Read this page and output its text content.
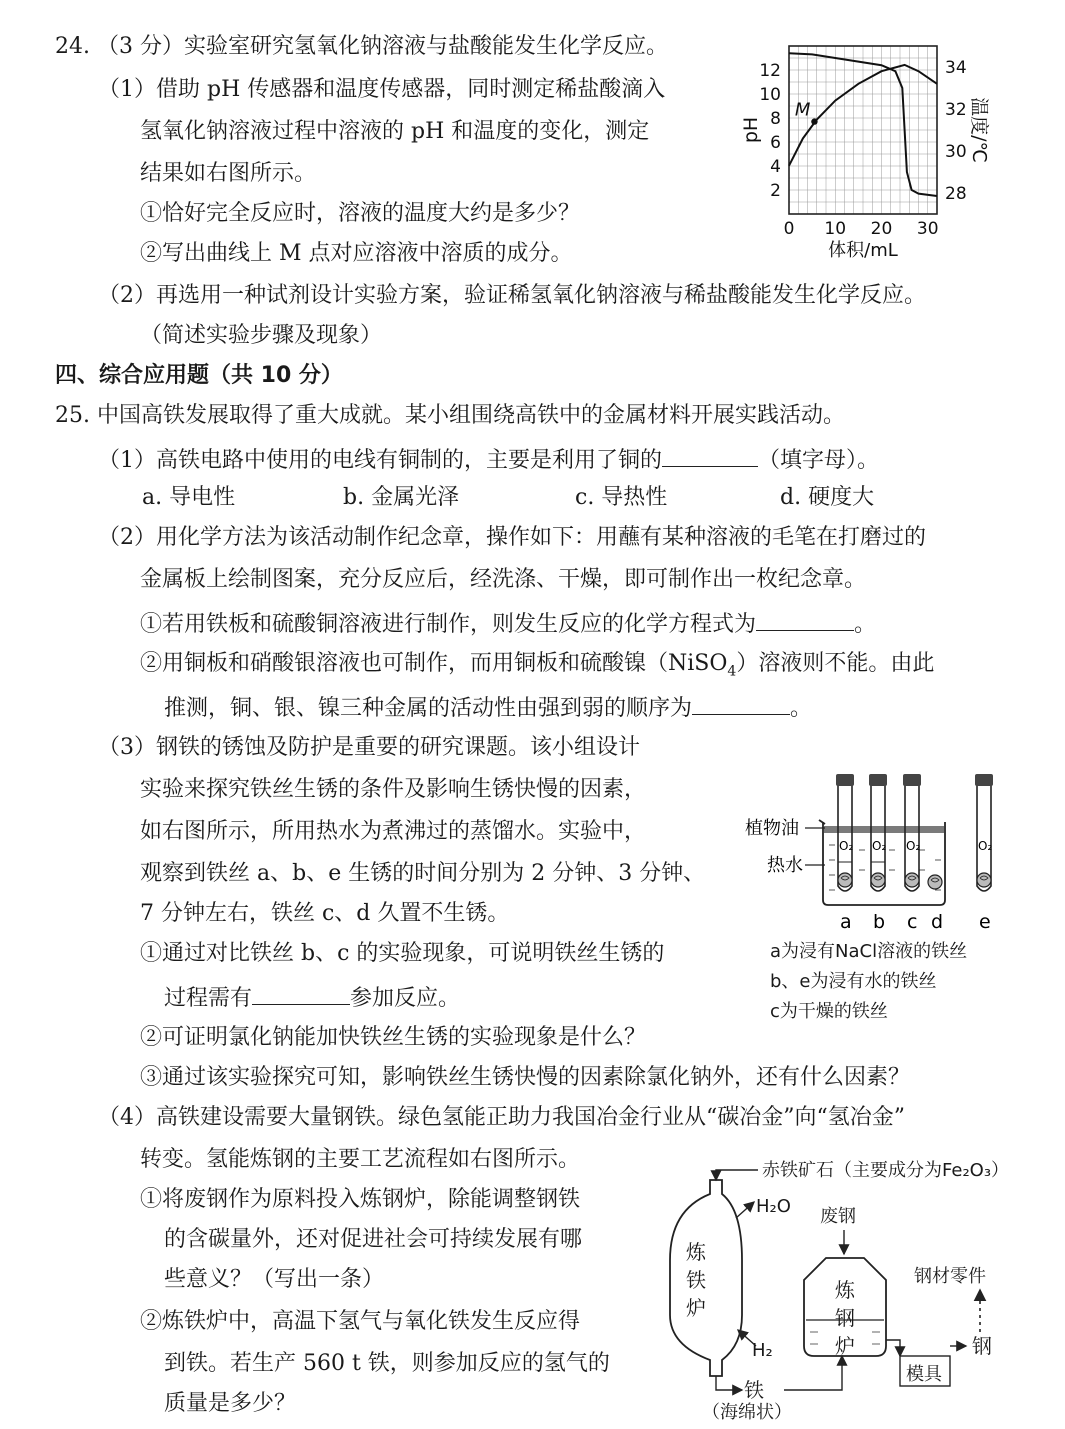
24. （3 分）实验室研究氢氧化钠溶液与盐酸能发生化学反应。
（1）借助 pH 传感器和温度传感器，同时测定稀盐酸滴入
氢氧化钠溶液过程中溶液的 pH 和温度的变化，测定
结果如右图所示。
①恰好完全反应时，溶液的温度大约是多少？
②写出曲线上 M 点对应溶液中溶质的成分。
（2）再选用一种试剂设计实验方案，验证稀氢氧化钠溶液与稀盐酸能发生化学反应。
（简述实验步骤及现象）
2
4
6
8
10
12
28
30
32
34
0 10 20 30
体积/mL
pH	温度/℃
M
四、综合应用题（共 10 分）
25. 中国高铁发展取得了重大成就。某小组围绕高铁中的金属材料开展实践活动。
（1）高铁电路中使用的电线有铜制的，主要是利用了铜的	（填字母）。
a. 导电性	b. 金属光泽	c. 导热性	d. 硬度大
（2）用化学方法为该活动制作纪念章，操作如下：用蘸有某种溶液的毛笔在打磨过的
金属板上绘制图案，充分反应后，经洗涤、干燥，即可制作出一枚纪念章。
①若用铁板和硫酸铜溶液进行制作，则发生反应的化学方程式为	。
②用铜板和硝酸银溶液也可制作，而用铜板和硫酸镍（NiSO$_4$）溶液则不能。由此
推测，铜、银、镍三种金属的活动性由强到弱的顺序为	。
（3）钢铁的锈蚀及防护是重要的研究课题。该小组设计
实验来探究铁丝生锈的条件及影响生锈快慢的因素，
如右图所示，所用热水为煮沸过的蒸馏水。实验中，
观察到铁丝 a、b、e 生锈的时间分别为 2 分钟、3 分钟、
7 分钟左右，铁丝 c、d 久置不生锈。
①通过对比铁丝 b、c 的实验现象，可说明铁丝生锈的
过程需有	参加反应。
②可证明氯化钠能加快铁丝生锈的实验现象是什么？
③通过该实验探究可知，影响铁丝生锈快慢的因素除氯化钠外，还有什么因素？
O₂ O₂ O₂	O₂
植物油
热水
a b c d e
a为浸有NaCl溶液的铁丝
b、e为浸有水的铁丝
c为干燥的铁丝
（4）高铁建设需要大量钢铁。绿色氢能正助力我国冶金行业从“碳冶金”向“氢冶金”
转变。氢能炼钢的主要工艺流程如右图所示。
①将废钢作为原料投入炼钢炉，除能调整钢铁
的含碳量外，还对促进社会可持续发展有哪
些意义？（写出一条）
②炼铁炉中，高温下氢气与氧化铁发生反应得
到铁。若生产 560 t 铁，则参加反应的氢气的
质量是多少？
赤铁矿石（主要成分为Fe₂O₃）
H₂O
H₂
炼
铁
炉
废钢
炼
钢
炉
铁
（海绵状）
模具
钢
钢材零件
